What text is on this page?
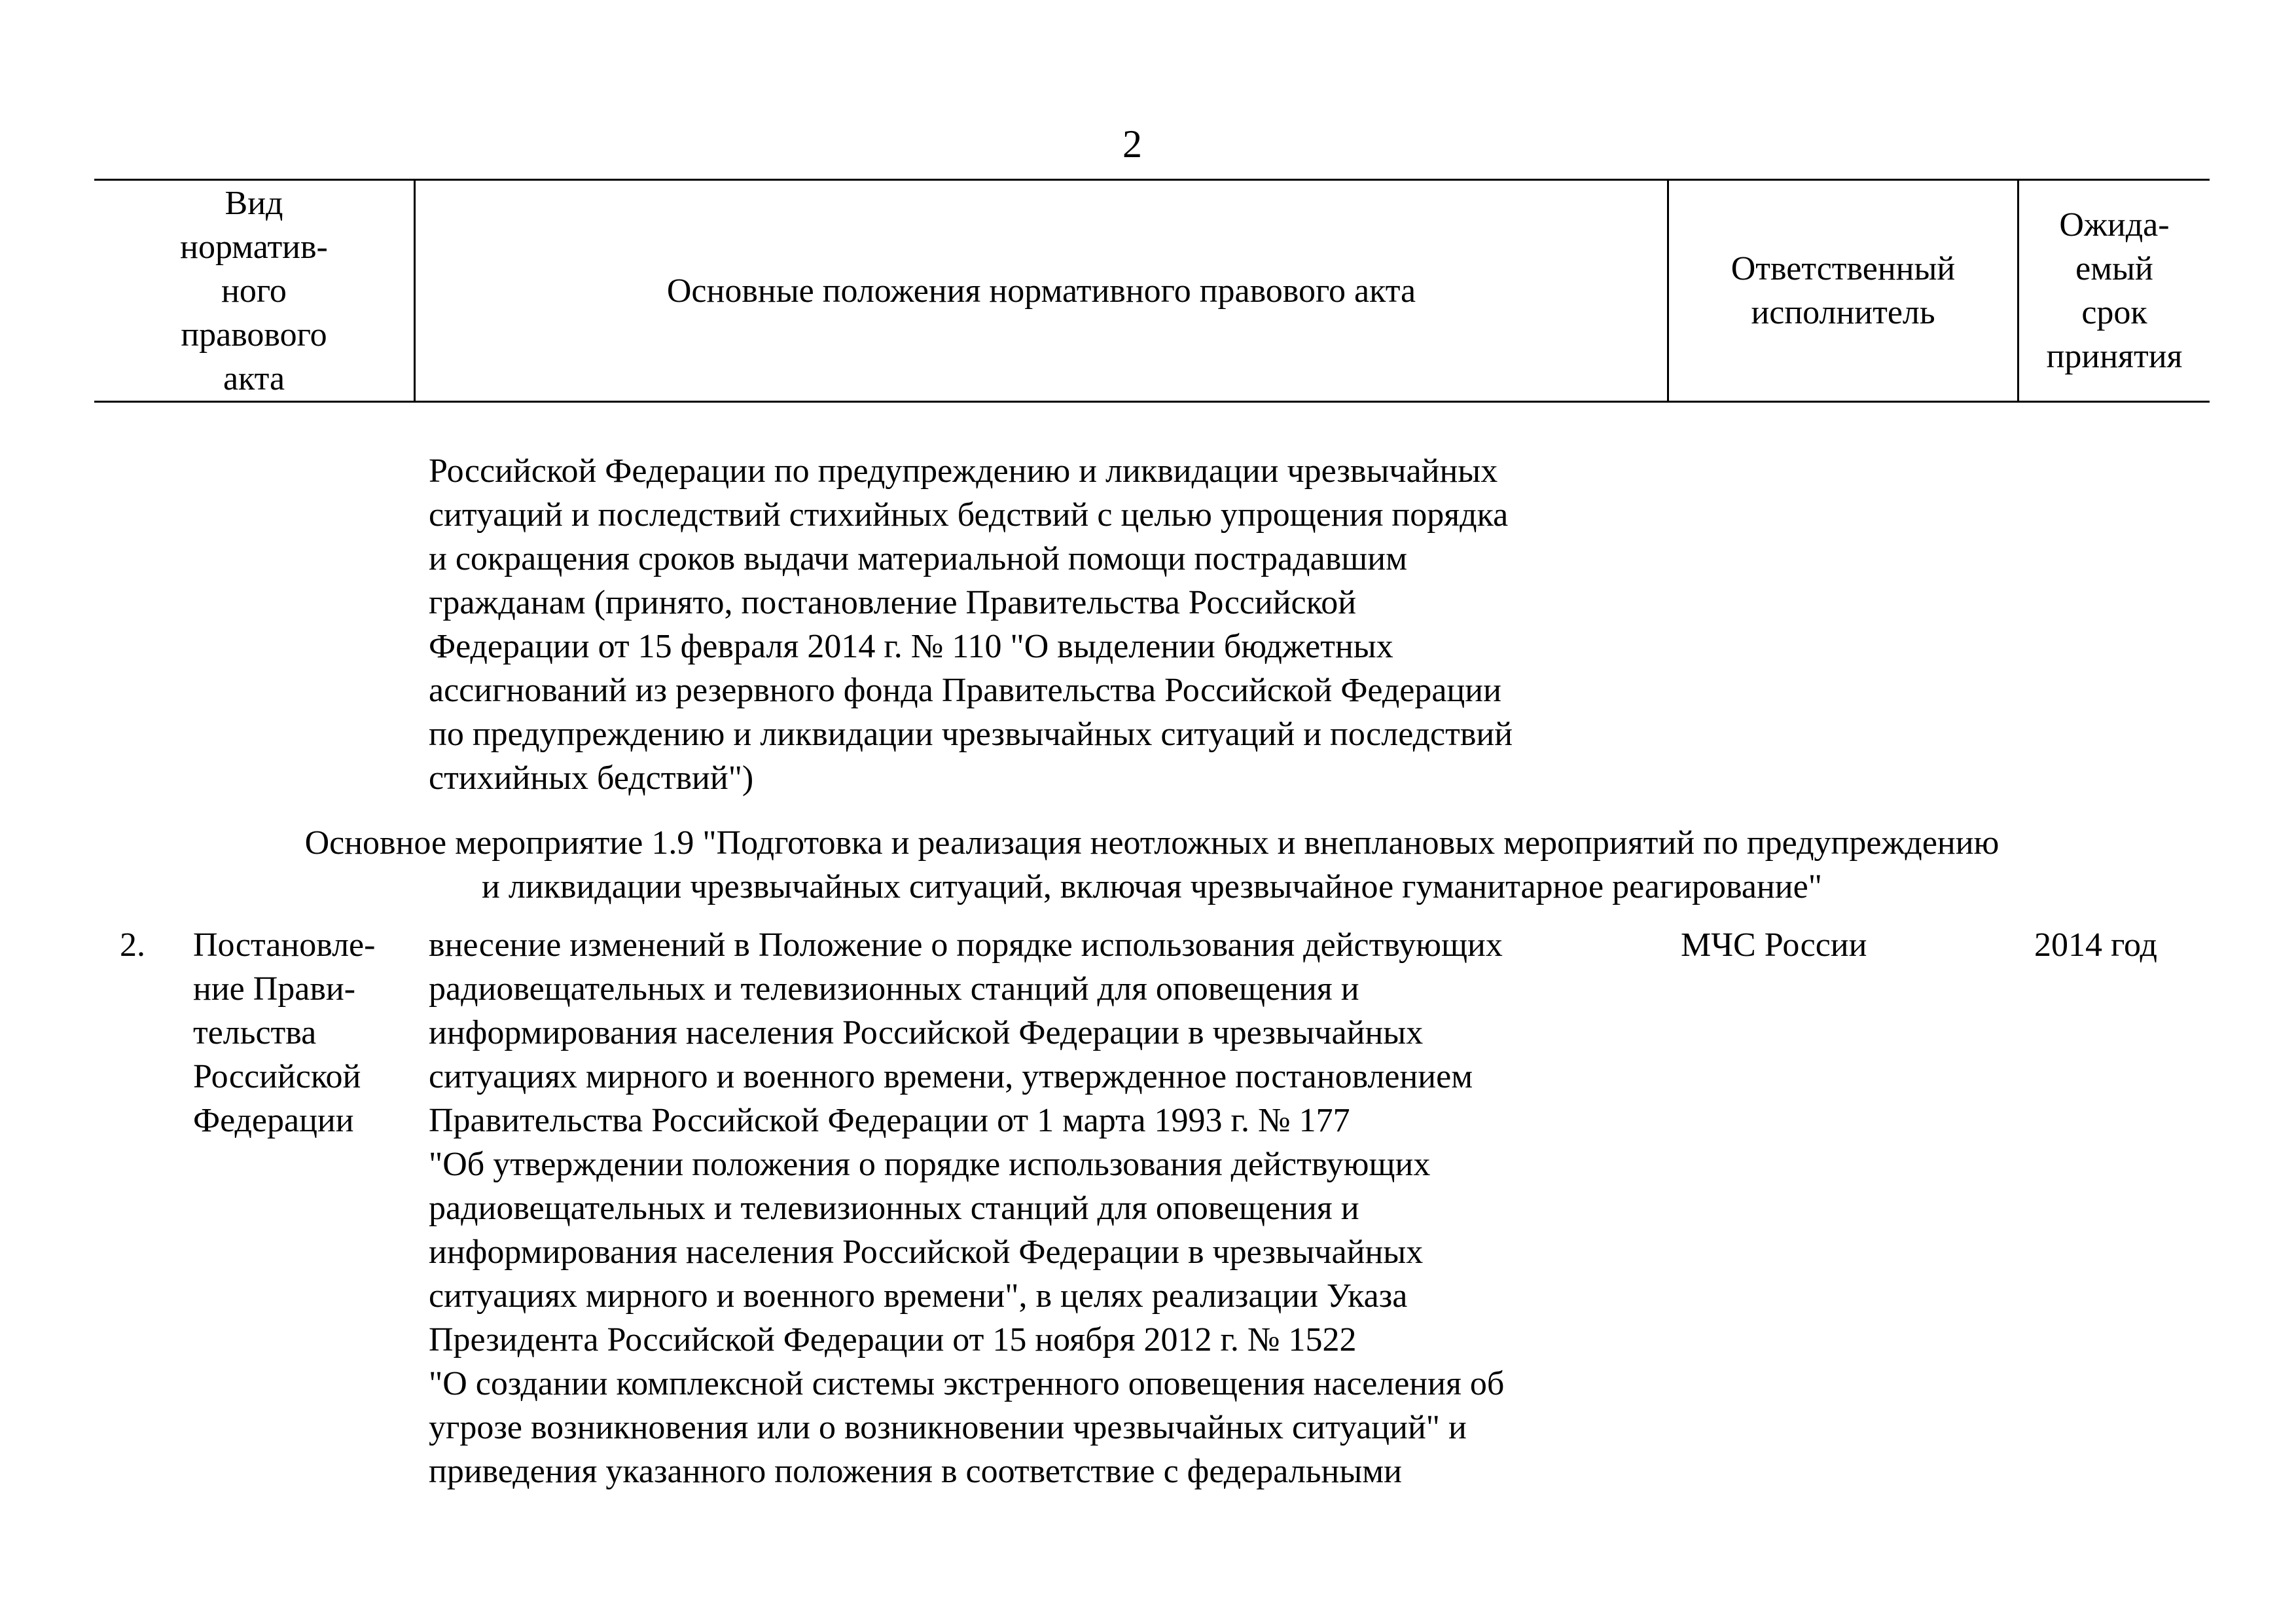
2
Вид
норматив-
ного
правового
акта
Основные положения нормативного правового акта
Ответственный
исполнитель
Ожида-
емый
срок
принятия
Российской Федерации по предупреждению и ликвидации чрезвычайных
ситуаций и последствий стихийных бедствий с целью упрощения порядка
и сокращения сроков выдачи материальной помощи пострадавшим
гражданам (принято, постановление Правительства Российской
Федерации от 15 февраля 2014 г. № 110 "О выделении бюджетных
ассигнований из резервного фонда Правительства Российской Федерации
по предупреждению и ликвидации чрезвычайных ситуаций и последствий
стихийных бедствий")
Основное мероприятие 1.9 "Подготовка и реализация неотложных и внеплановых мероприятий по предупреждению
и ликвидации чрезвычайных ситуаций, включая чрезвычайное гуманитарное реагирование"
2. Постановле-
ние Прави-
тельства
Российской
Федерации
внесение изменений в Положение о порядке использования действующих
радиовещательных и телевизионных станций для оповещения и
информирования населения Российской Федерации в чрезвычайных
ситуациях мирного и военного времени, утвержденное постановлением
Правительства Российской Федерации от 1 марта 1993 г. № 177
"Об утверждении положения о порядке использования действующих
радиовещательных и телевизионных станций для оповещения и
информирования населения Российской Федерации в чрезвычайных
ситуациях мирного и военного времени", в целях реализации Указа
Президента Российской Федерации от 15 ноября 2012 г. № 1522
"О создании комплексной системы экстренного оповещения населения об
угрозе возникновения или о возникновении чрезвычайных ситуаций" и
приведения указанного положения в соответствие с федеральными
МЧС России	2014 год
